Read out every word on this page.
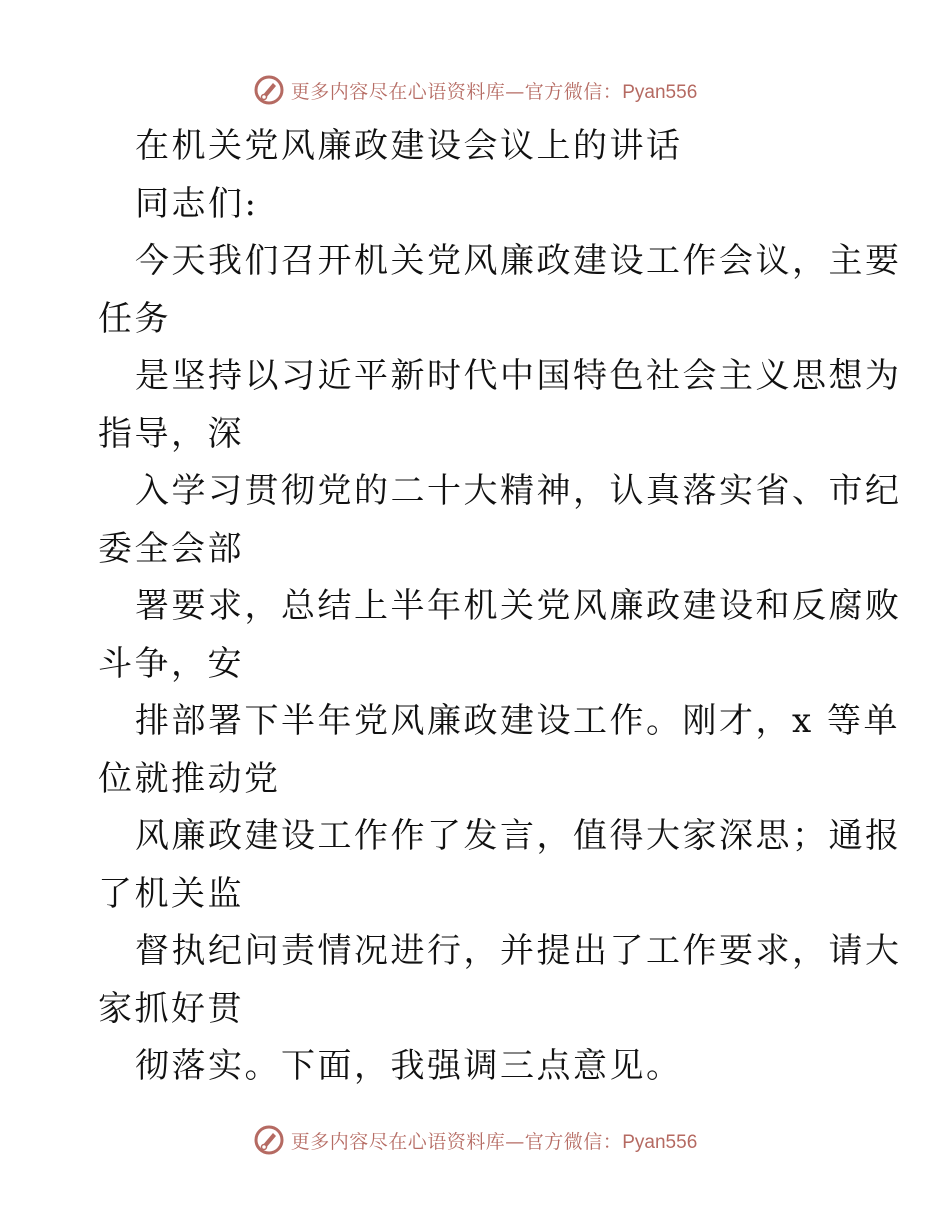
更多内容尽在心语资料库—官方微信：Pyan556
在机关党风廉政建设会议上的讲话
同志们:
今天我们召开机关党风廉政建设工作会议，主要
任务
是坚持以习近平新时代中国特色社会主义思想为
指导，深
入学习贯彻党的二十大精神，认真落实省、市纪
委全会部
署要求，总结上半年机关党风廉政建设和反腐败
斗争，安
排部署下半年党风廉政建设工作。刚才，x 等单
位就推动党
风廉政建设工作作了发言，值得大家深思；通报
了机关监
督执纪问责情况进行，并提出了工作要求，请大
家抓好贯
彻落实。下面，我强调三点意见。
更多内容尽在心语资料库—官方微信：Pyan556
